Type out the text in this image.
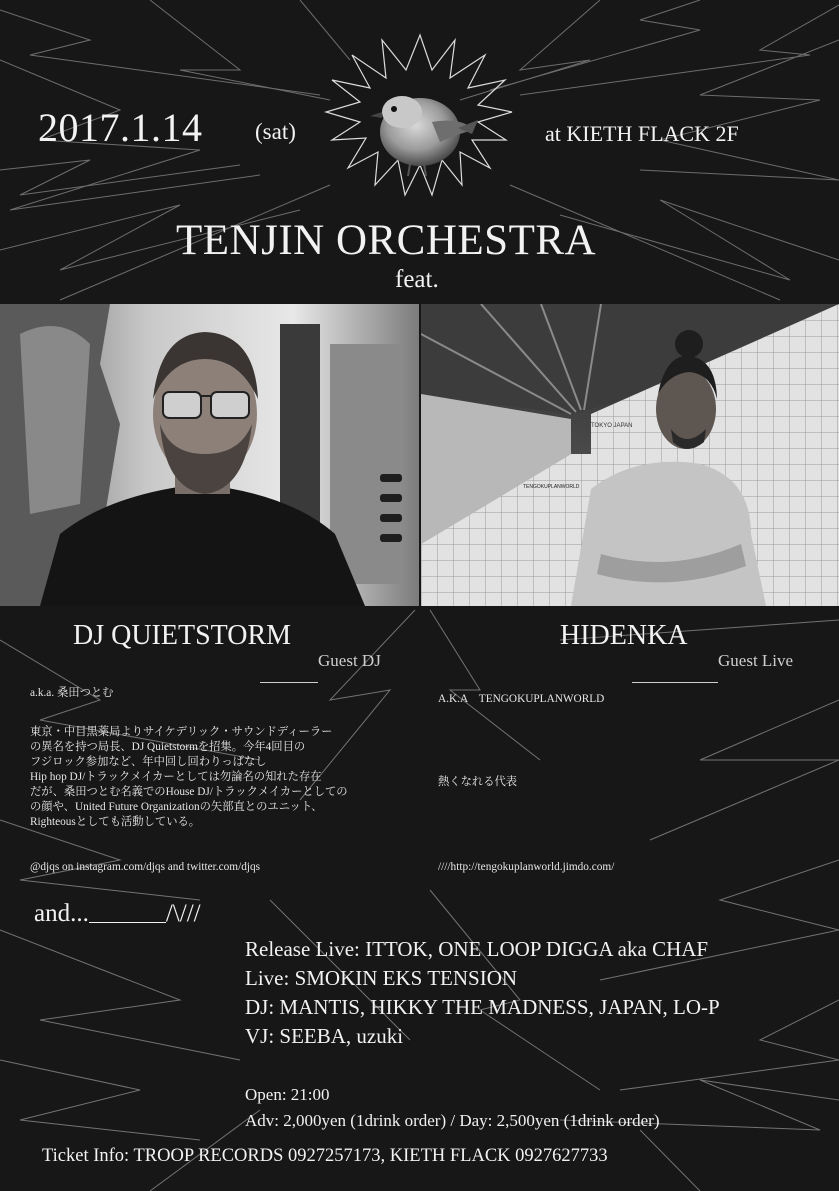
2017.1.14 (sat)	at KIETH FLACK 2F
TENJIN ORCHESTRA
feat.
TOKYO JAPAN
TENGOKUPLANWORLD
DJ QUIETSTORM
Guest DJ
HIDENKA
Guest Live
a.k.a. 桑田つとむ
東京・中目黒薬局よりサイケデリック・サウンドディーラー
の異名を持つ局長、DJ Quietstormを招集。今年4回目の
フジロック参加など、年中回し回わりっぱなし
Hip hop DJ/トラックメイカーとしては勿論名の知れた存在
だが、桑田つとむ名義でのHouse DJ/トラックメイカーとしての
の顔や、United Future Organizationの矢部直とのユニット、
Righteousとしても活動している。
@djqs on instagram.com/djqs and twitter.com/djqs
A.K.A　TENGOKUPLANWORLD
熱くなれる代表
////http://tengokuplanworld.jimdo.com/
and...	/\///
Release Live: ITTOK, ONE LOOP DIGGA aka CHAF
Live: SMOKIN EKS TENSION
DJ: MANTIS, HIKKY THE MADNESS, JAPAN, LO-P
VJ: SEEBA, uzuki
Open: 21:00
Adv: 2,000yen (1drink order) / Day: 2,500yen (1drink order)
Ticket Info: TROOP RECORDS 0927257173, KIETH FLACK 0927627733
